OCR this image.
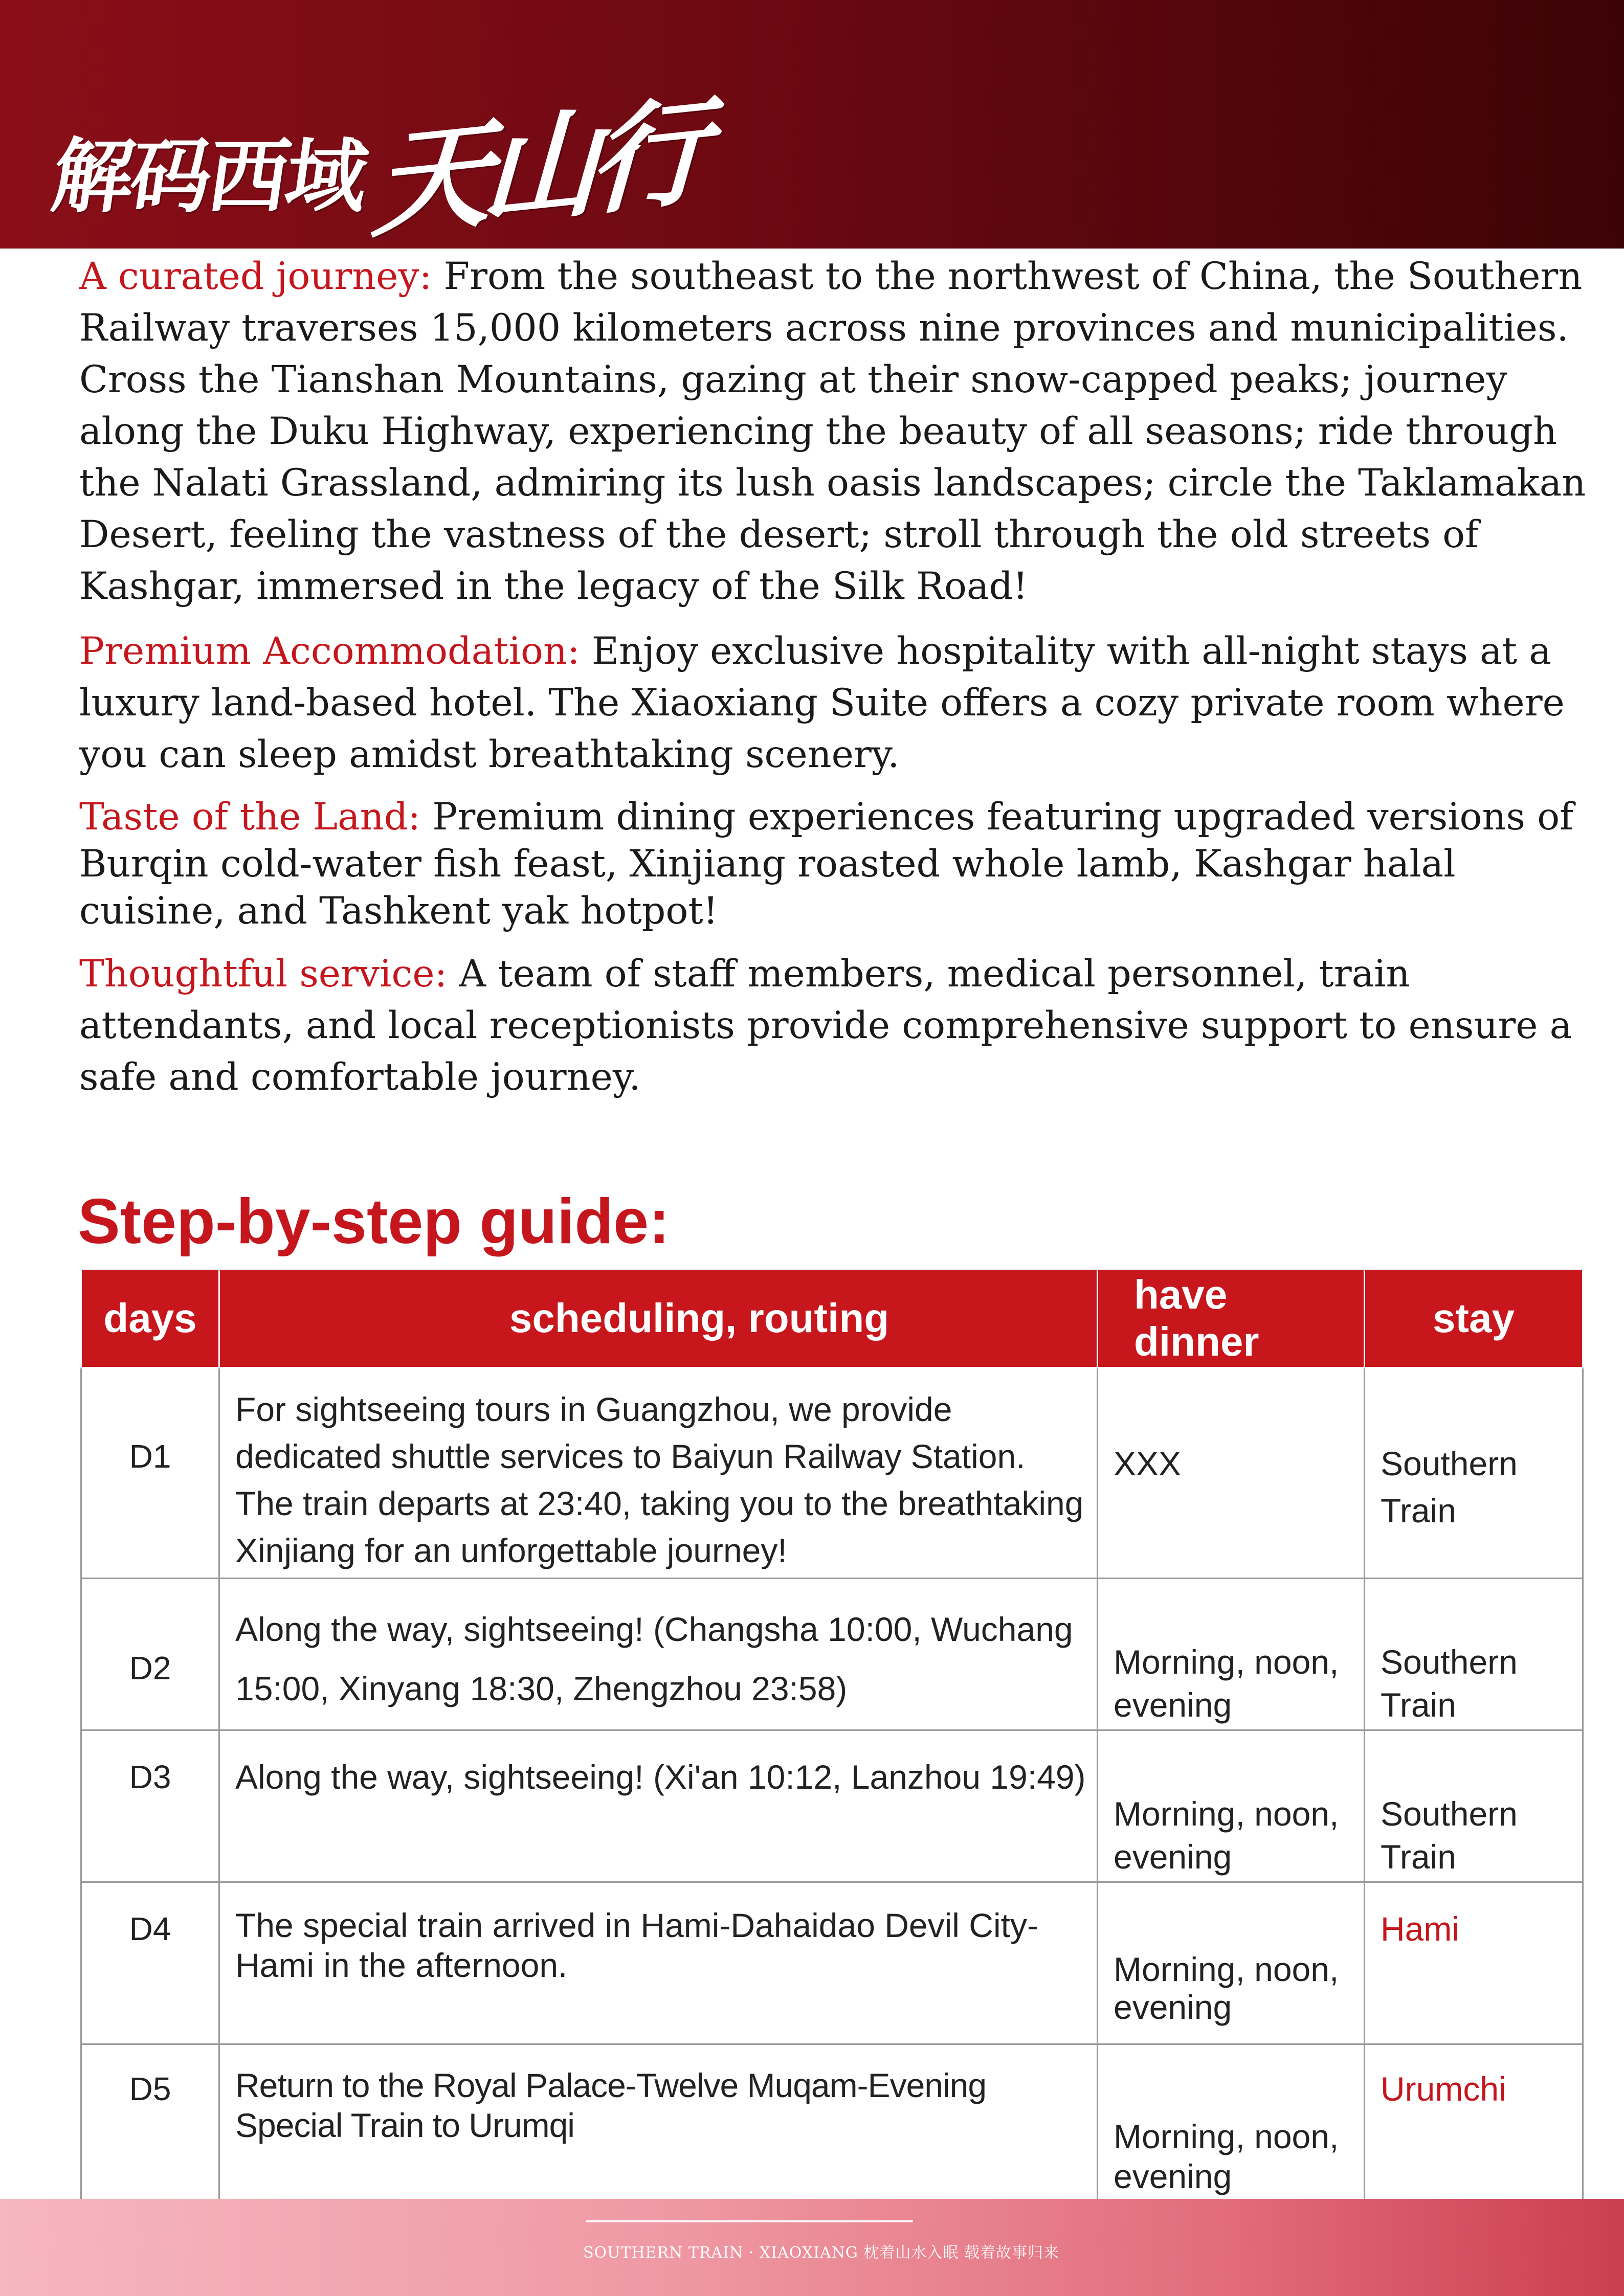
解码西域天山行

A curated journey: From the southeast to the northwest of China, the Southern Railway traverses 15,000 kilometers across nine provinces and municipalities. Cross the Tianshan Mountains, gazing at their snow-capped peaks; journey along the Duku Highway, experiencing the beauty of all seasons; ride through the Nalati Grassland, admiring its lush oasis landscapes; circle the Taklamakan Desert, feeling the vastness of the desert; stroll through the old streets of Kashgar, immersed in the legacy of the Silk Road!

Premium Accommodation: Enjoy exclusive hospitality with all-night stays at a luxury land-based hotel. The Xiaoxiang Suite offers a cozy private room where you can sleep amidst breathtaking scenery.

Taste of the Land: Premium dining experiences featuring upgraded versions of Burqin cold-water fish feast, Xinjiang roasted whole lamb, Kashgar halal cuisine, and Tashkent yak hotpot!

Thoughtful service: A team of staff members, medical personnel, train attendants, and local receptionists provide comprehensive support to ensure a safe and comfortable journey.

Step-by-step guide:
days	scheduling, routing	have dinner	stay
D1	For sightseeing tours in Guangzhou, we provide dedicated shuttle services to Baiyun Railway Station. The train departs at 23:40, taking you to the breathtaking Xinjiang for an unforgettable journey!	XXX	Southern Train
D2	Along the way, sightseeing! (Changsha 10:00, Wuchang 15:00, Xinyang 18:30, Zhengzhou 23:58)	Morning, noon, evening	Southern Train
D3	Along the way, sightseeing! (Xi'an 10:12, Lanzhou 19:49)	Morning, noon, evening	Southern Train
D4	The special train arrived in Hami-Dahaidao Devil City-Hami in the afternoon.	Morning, noon, evening	Hami
D5	Return to the Royal Palace-Twelve Muqam-Evening Special Train to Urumqi	Morning, noon, evening	Urumchi
SOUTHERN TRAIN · XIAOXIANG 枕着山水入眠 载着故事归来
